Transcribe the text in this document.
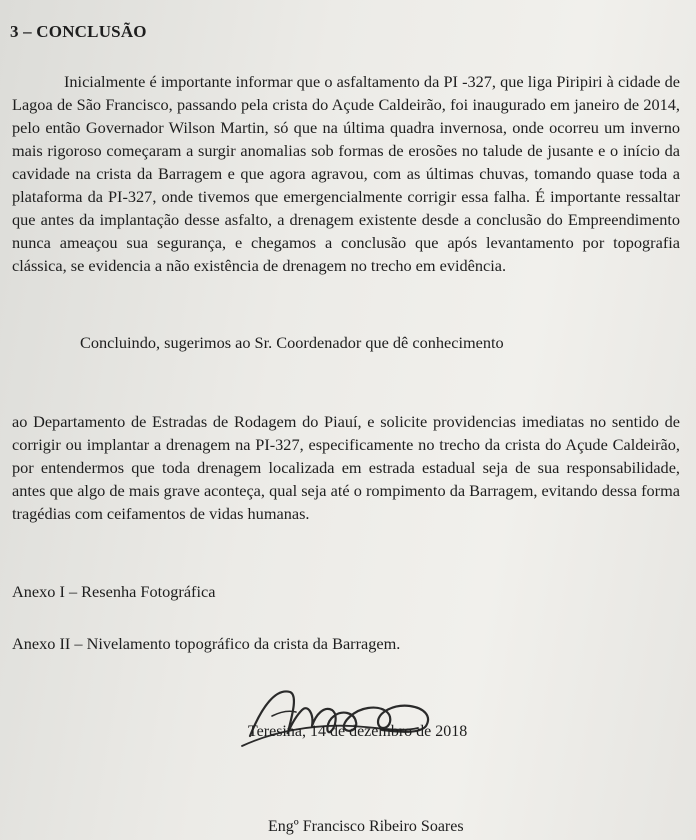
3 – CONCLUSÃO

Inicialmente é importante informar que o asfaltamento da PI -327, que liga Piripiri à cidade de Lagoa de São Francisco, passando pela crista do Açude Caldeirão, foi inaugurado em janeiro de 2014, pelo então Governador Wilson Martin, só que na última quadra invernosa, onde ocorreu um inverno mais rigoroso começaram a surgir anomalias sob formas de erosões no talude de jusante e o início da cavidade na crista da Barragem e que agora agravou, com as últimas chuvas, tomando quase toda a plataforma da PI-327, onde tivemos que emergencialmente corrigir essa falha. É importante ressaltar que antes da implantação desse asfalto, a drenagem existente desde a conclusão do Empreendimento nunca ameaçou sua segurança, e chegamos a conclusão que após levantamento por topografia clássica, se evidencia a não existência de drenagem no trecho em evidência.

Concluindo, sugerimos ao Sr. Coordenador que dê conhecimento

ao Departamento de Estradas de Rodagem do Piauí, e solicite providencias imediatas no sentido de corrigir ou implantar a drenagem na PI-327, especificamente no trecho da crista do Açude Caldeirão, por entendermos que toda drenagem localizada em estrada estadual seja de sua responsabilidade, antes que algo de mais grave aconteça, qual seja até o rompimento da Barragem, evitando dessa forma tragédias com ceifamentos de vidas humanas.

Anexo I – Resenha Fotográfica
Anexo II – Nivelamento topográfico da crista da Barragem.
Teresina, 14 de dezembro de 2018
Engº Francisco Ribeiro Soares
